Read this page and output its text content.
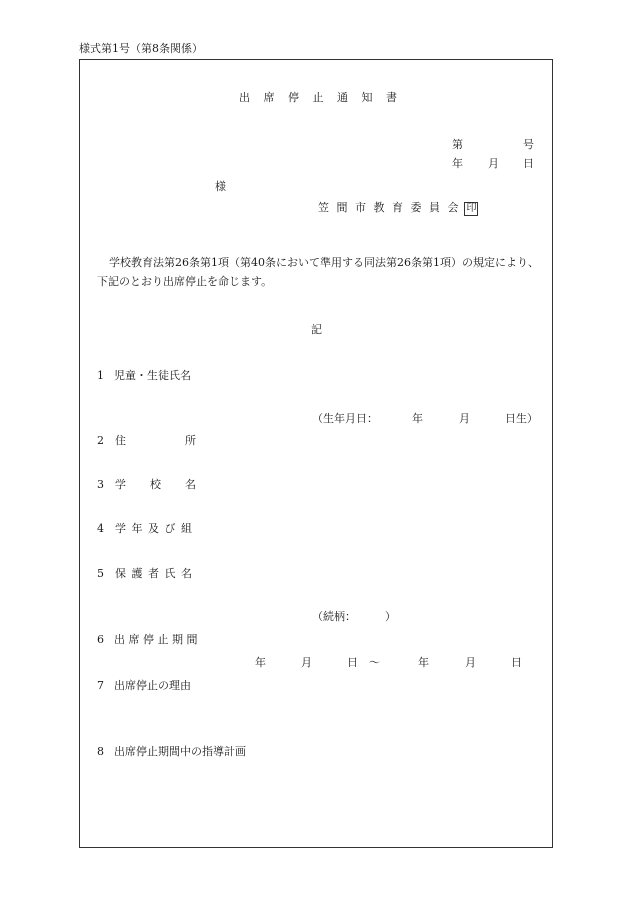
様式第1号（第8条関係）
出 席 停 止 通 知 書
第	号
年 月 日
様
笠 間 市 教 育 委 員 会 印
学校教育法第26条第1項（第40条において準用する同法第26条第1項）の規定により、
下記のとおり出席停止を命じます。
記
1 児童・生徒氏名
（生年月日：	年	月	日生）
2 住	所
3 学 校 名
4 学 年 及 び 組
5 保 護 者 氏 名
（続柄：	）
6 出 席 停 止 期 間
年	月	日 ～	年	月	日
7 出席停止の理由
8 出席停止期間中の指導計画
